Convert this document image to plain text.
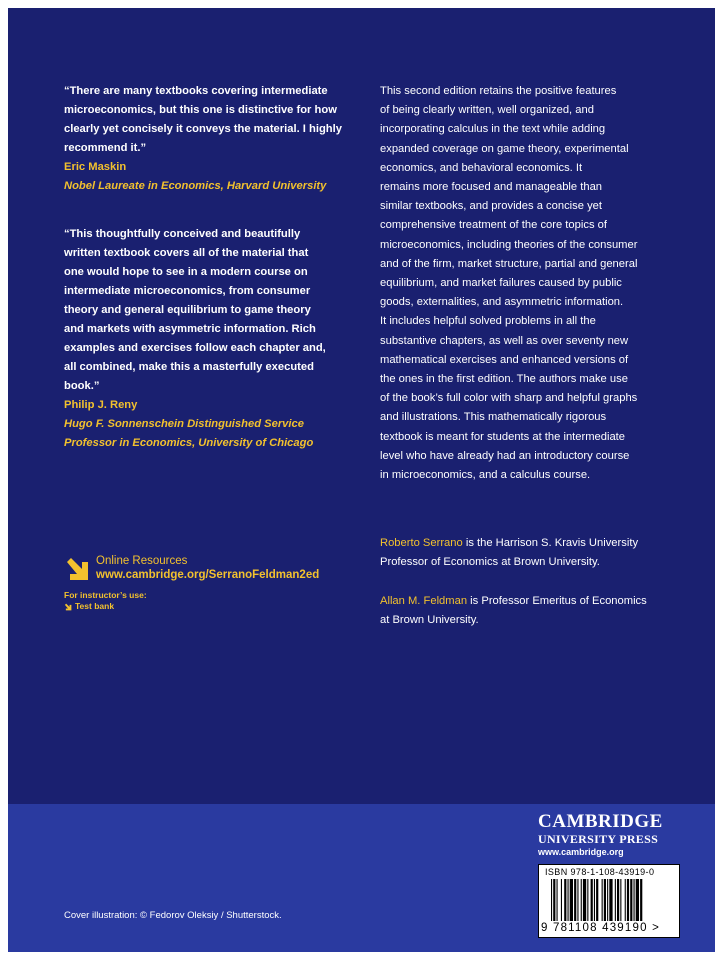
“There are many textbooks covering intermediate
microeconomics, but this one is distinctive for how
clearly yet concisely it conveys the material. I highly
recommend it.”
Eric Maskin
Nobel Laureate in Economics, Harvard University
“This thoughtfully conceived and beautifully
written textbook covers all of the material that
one would hope to see in a modern course on
intermediate microeconomics, from consumer
theory and general equilibrium to game theory
and markets with asymmetric information. Rich
examples and exercises follow each chapter and,
all combined, make this a masterfully executed
book.”
Philip J. Reny
Hugo F. Sonnenschein Distinguished Service
Professor in Economics, University of Chicago
This second edition retains the positive features
of being clearly written, well organized, and
incorporating calculus in the text while adding
expanded coverage on game theory, experimental
economics, and behavioral economics. It
remains more focused and manageable than
similar textbooks, and provides a concise yet
comprehensive treatment of the core topics of
microeconomics, including theories of the consumer
and of the firm, market structure, partial and general
equilibrium, and market failures caused by public
goods, externalities, and asymmetric information.
It includes helpful solved problems in all the
substantive chapters, as well as over seventy new
mathematical exercises and enhanced versions of
the ones in the first edition. The authors make use
of the book’s full color with sharp and helpful graphs
and illustrations. This mathematically rigorous
textbook is meant for students at the intermediate
level who have already had an introductory course
in microeconomics, and a calculus course.
Roberto Serrano is the Harrison S. Kravis University
Professor of Economics at Brown University.
Allan M. Feldman is Professor Emeritus of Economics
at Brown University.
Online Resources
www.cambridge.org/SerranoFeldman2ed
For instructor’s use:
Test bank
Cover illustration: © Fedorov Oleksiy / Shutterstock.
CAMBRIDGE
UNIVERSITY PRESS
www.cambridge.org
ISBN 978-1-108-43919-0
9 781108 439190 >
